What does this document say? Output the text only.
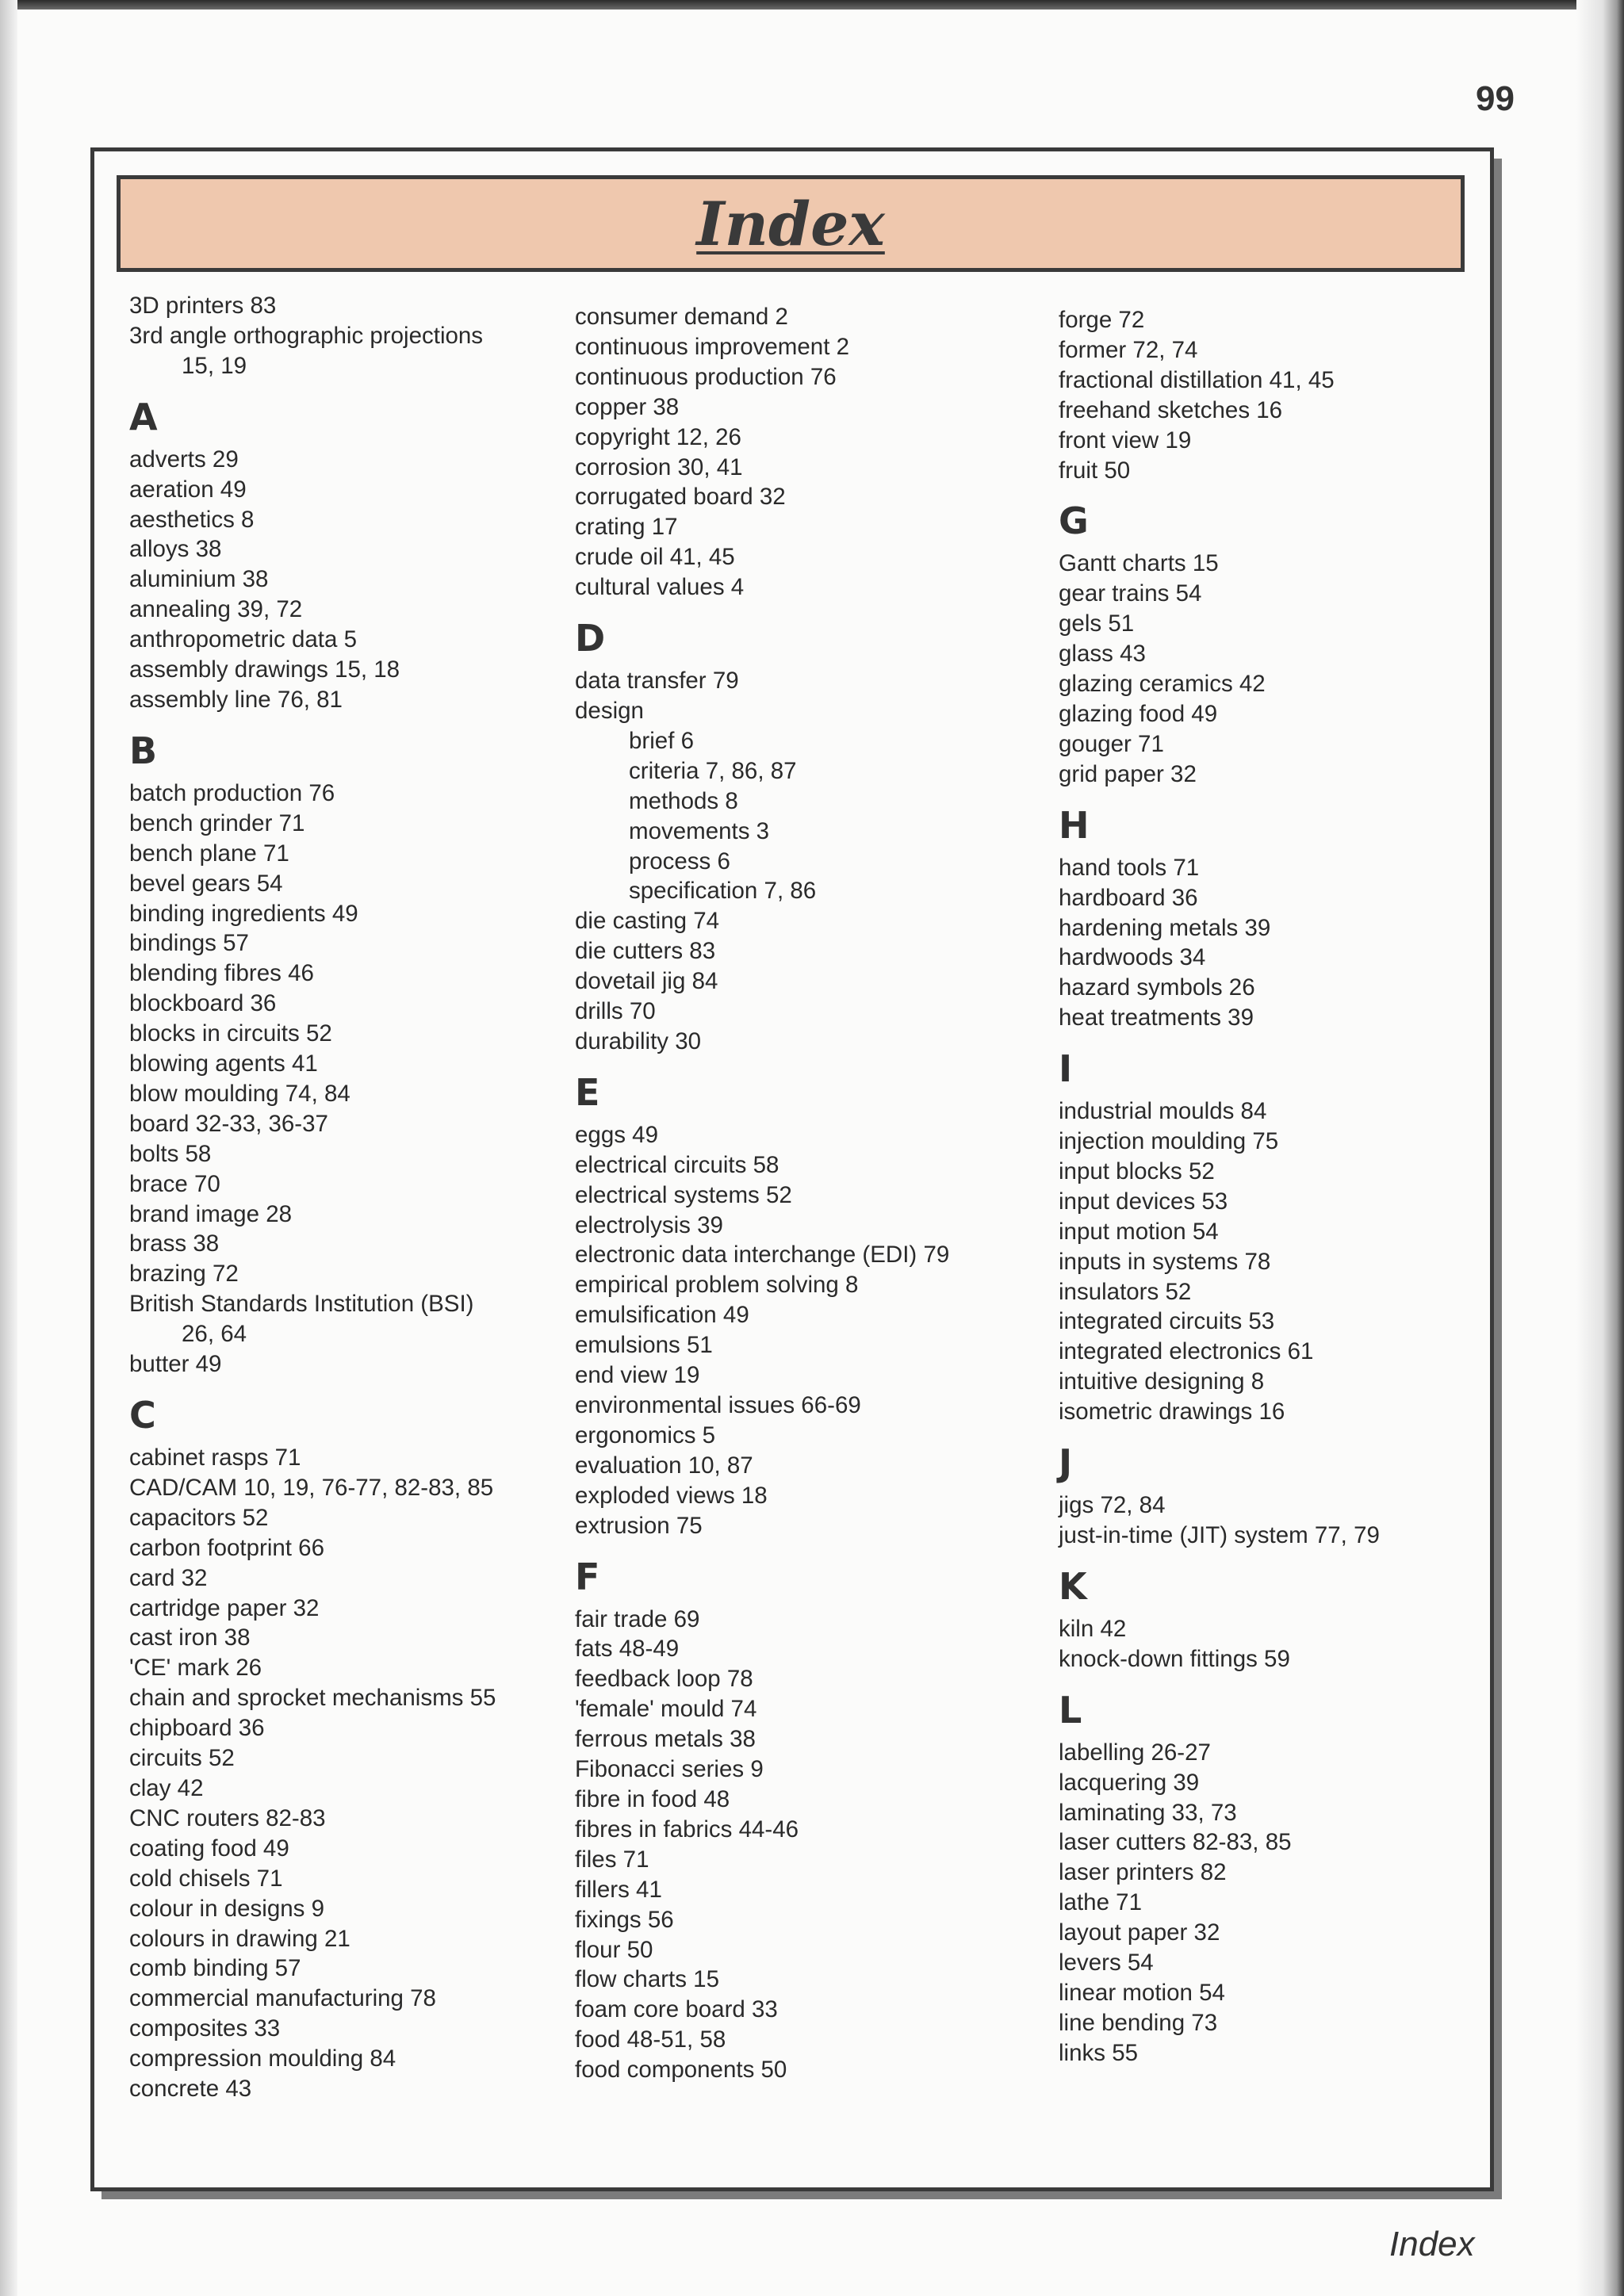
99
Index
3D printers 83
3rd angle orthographic projections
15, 19
A
adverts 29
aeration 49
aesthetics 8
alloys 38
aluminium 38
annealing 39, 72
anthropometric data 5
assembly drawings 15, 18
assembly line 76, 81
B
batch production 76
bench grinder 71
bench plane 71
bevel gears 54
binding ingredients 49
bindings 57
blending fibres 46
blockboard 36
blocks in circuits 52
blowing agents 41
blow moulding 74, 84
board 32-33, 36-37
bolts 58
brace 70
brand image 28
brass 38
brazing 72
British Standards Institution (BSI)
26, 64
butter 49
C
cabinet rasps 71
CAD/CAM 10, 19, 76-77, 82-83, 85
capacitors 52
carbon footprint 66
card 32
cartridge paper 32
cast iron 38
'CE' mark 26
chain and sprocket mechanisms 55
chipboard 36
circuits 52
clay 42
CNC routers 82-83
coating food 49
cold chisels 71
colour in designs 9
colours in drawing 21
comb binding 57
commercial manufacturing 78
composites 33
compression moulding 84
concrete 43
consumer demand 2
continuous improvement 2
continuous production 76
copper 38
copyright 12, 26
corrosion 30, 41
corrugated board 32
crating 17
crude oil 41, 45
cultural values 4
D
data transfer 79
design
brief 6
criteria 7, 86, 87
methods 8
movements 3
process 6
specification 7, 86
die casting 74
die cutters 83
dovetail jig 84
drills 70
durability 30
E
eggs 49
electrical circuits 58
electrical systems 52
electrolysis 39
electronic data interchange (EDI) 79
empirical problem solving 8
emulsification 49
emulsions 51
end view 19
environmental issues 66-69
ergonomics 5
evaluation 10, 87
exploded views 18
extrusion 75
F
fair trade 69
fats 48-49
feedback loop 78
'female' mould 74
ferrous metals 38
Fibonacci series 9
fibre in food 48
fibres in fabrics 44-46
files 71
fillers 41
fixings 56
flour 50
flow charts 15
foam core board 33
food 48-51, 58
food components 50
forge 72
former 72, 74
fractional distillation 41, 45
freehand sketches 16
front view 19
fruit 50
G
Gantt charts 15
gear trains 54
gels 51
glass 43
glazing ceramics 42
glazing food 49
gouger 71
grid paper 32
H
hand tools 71
hardboard 36
hardening metals 39
hardwoods 34
hazard symbols 26
heat treatments 39
I
industrial moulds 84
injection moulding 75
input blocks 52
input devices 53
input motion 54
inputs in systems 78
insulators 52
integrated circuits 53
integrated electronics 61
intuitive designing 8
isometric drawings 16
J
jigs 72, 84
just-in-time (JIT) system 77, 79
K
kiln 42
knock-down fittings 59
L
labelling 26-27
lacquering 39
laminating 33, 73
laser cutters 82-83, 85
laser printers 82
lathe 71
layout paper 32
levers 54
linear motion 54
line bending 73
links 55
Index
